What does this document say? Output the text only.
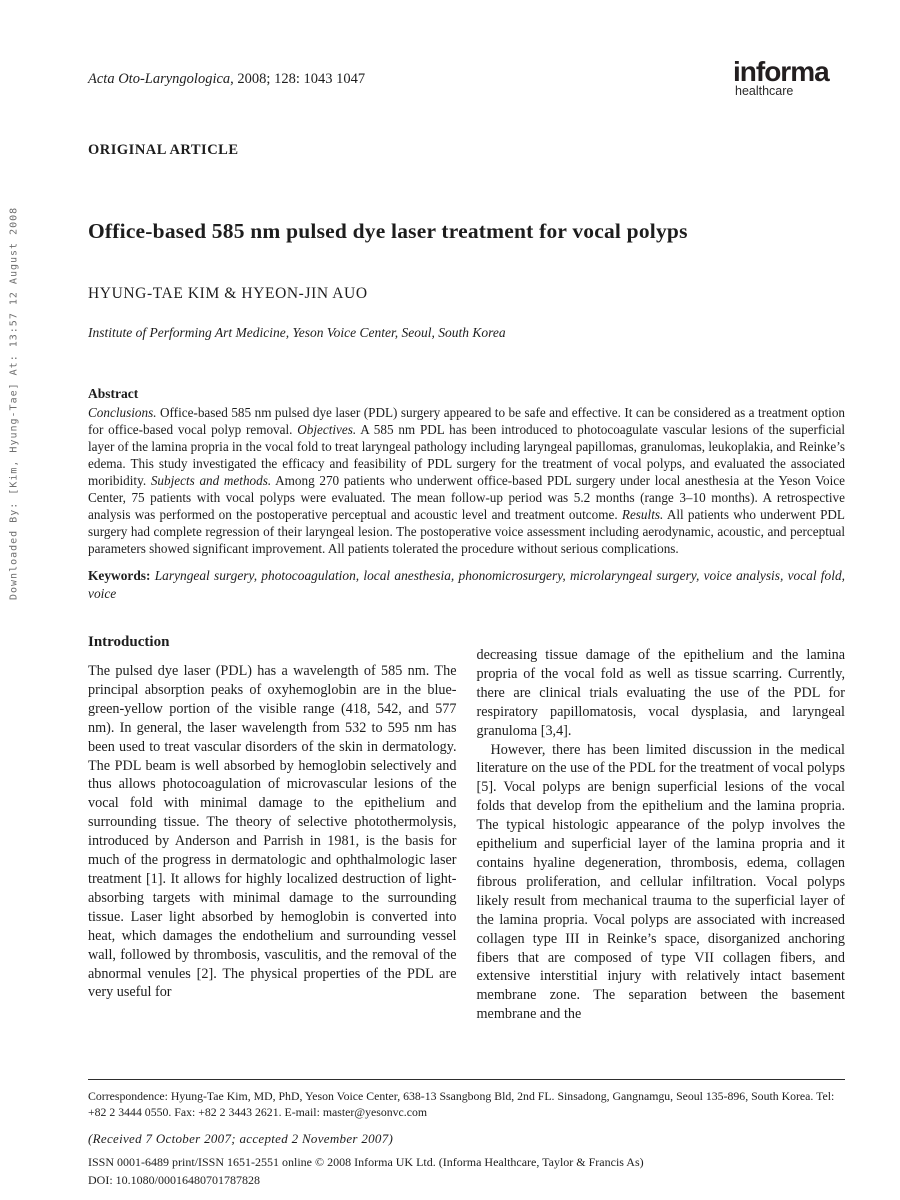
Downloaded By: [Kim, Hyung-Tae] At: 13:57 12 August 2008
Acta Oto-Laryngologica, 2008; 128: 1043 1047	informa
healthcare
ORIGINAL ARTICLE
Office-based 585 nm pulsed dye laser treatment for vocal polyps
HYUNG-TAE KIM & HYEON-JIN AUO
Institute of Performing Art Medicine, Yeson Voice Center, Seoul, South Korea
Abstract

Conclusions. Office-based 585 nm pulsed dye laser (PDL) surgery appeared to be safe and effective. It can be considered as a treatment option for office-based vocal polyp removal. Objectives. A 585 nm PDL has been introduced to photocoagulate vascular lesions of the superficial layer of the lamina propria in the vocal fold to treat laryngeal pathology including laryngeal papillomas, granulomas, leukoplakia, and Reinke’s edema. This study investigated the efficacy and feasibility of PDL surgery for the treatment of vocal polyps, and evaluated the associated moribidity. Subjects and methods. Among 270 patients who underwent office-based PDL surgery under local anesthesia at the Yeson Voice Center, 75 patients with vocal polyps were evaluated. The mean follow-up period was 5.2 months (range 3–10 months). A retrospective analysis was performed on the postoperative perceptual and acoustic level and treatment outcome. Results. All patients who underwent PDL surgery had complete regression of their laryngeal lesion. The postoperative voice assessment including aerodynamic, acoustic, and perceptual parameters showed significant improvement. All patients tolerated the procedure without serious complications.

Keywords: Laryngeal surgery, photocoagulation, local anesthesia, phonomicrosurgery, microlaryngeal surgery, voice analysis, vocal fold, voice
Introduction

The pulsed dye laser (PDL) has a wavelength of 585 nm. The principal absorption peaks of oxyhemoglobin are in the blue-green-yellow portion of the visible range (418, 542, and 577 nm). In general, the laser wavelength from 532 to 595 nm has been used to treat vascular disorders of the skin in dermatology. The PDL beam is well absorbed by hemoglobin selectively and thus allows photocoagulation of microvascular lesions of the vocal fold with minimal damage to the epithelium and surrounding tissue. The theory of selective photothermolysis, introduced by Anderson and Parrish in 1981, is the basis for much of the progress in dermatologic and ophthalmologic laser treatment [1]. It allows for highly localized destruction of light-absorbing targets with minimal damage to the surrounding tissue. Laser light absorbed by hemoglobin is converted into heat, which damages the endothelium and surrounding vessel wall, followed by thrombosis, vasculitis, and the removal of the abnormal venules [2]. The physical properties of the PDL are very useful for

decreasing tissue damage of the epithelium and the lamina propria of the vocal fold as well as tissue scarring. Currently, there are clinical trials evaluating the use of the PDL for respiratory papillomatosis, vocal dysplasia, and laryngeal granuloma [3,4].

However, there has been limited discussion in the medical literature on the use of the PDL for the treatment of vocal polyps [5]. Vocal polyps are benign superficial lesions of the vocal folds that develop from the epithelium and the lamina propria. The typical histologic appearance of the polyp involves the epithelium and superficial layer of the lamina propria and it contains hyaline degeneration, thrombosis, edema, collagen fibrous proliferation, and cellular infiltration. Vocal polyps likely result from mechanical trauma to the superficial layer of the lamina propria. Vocal polyps are associated with increased collagen type III in Reinke’s space, disorganized anchoring fibers that are composed of type VII collagen fibers, and extensive interstitial injury with relatively intact basement membrane zone. The separation between the basement membrane and the

Correspondence: Hyung-Tae Kim, MD, PhD, Yeson Voice Center, 638-13 Ssangbong Bld, 2nd FL. Sinsadong, Gangnamgu, Seoul 135-896, South Korea. Tel: +82 2 3444 0550. Fax: +82 2 3443 2621. E-mail: master@yesonvc.com
(Received 7 October 2007; accepted 2 November 2007)
ISSN 0001-6489 print/ISSN 1651-2551 online © 2008 Informa UK Ltd. (Informa Healthcare, Taylor & Francis As)
DOI: 10.1080/00016480701787828
